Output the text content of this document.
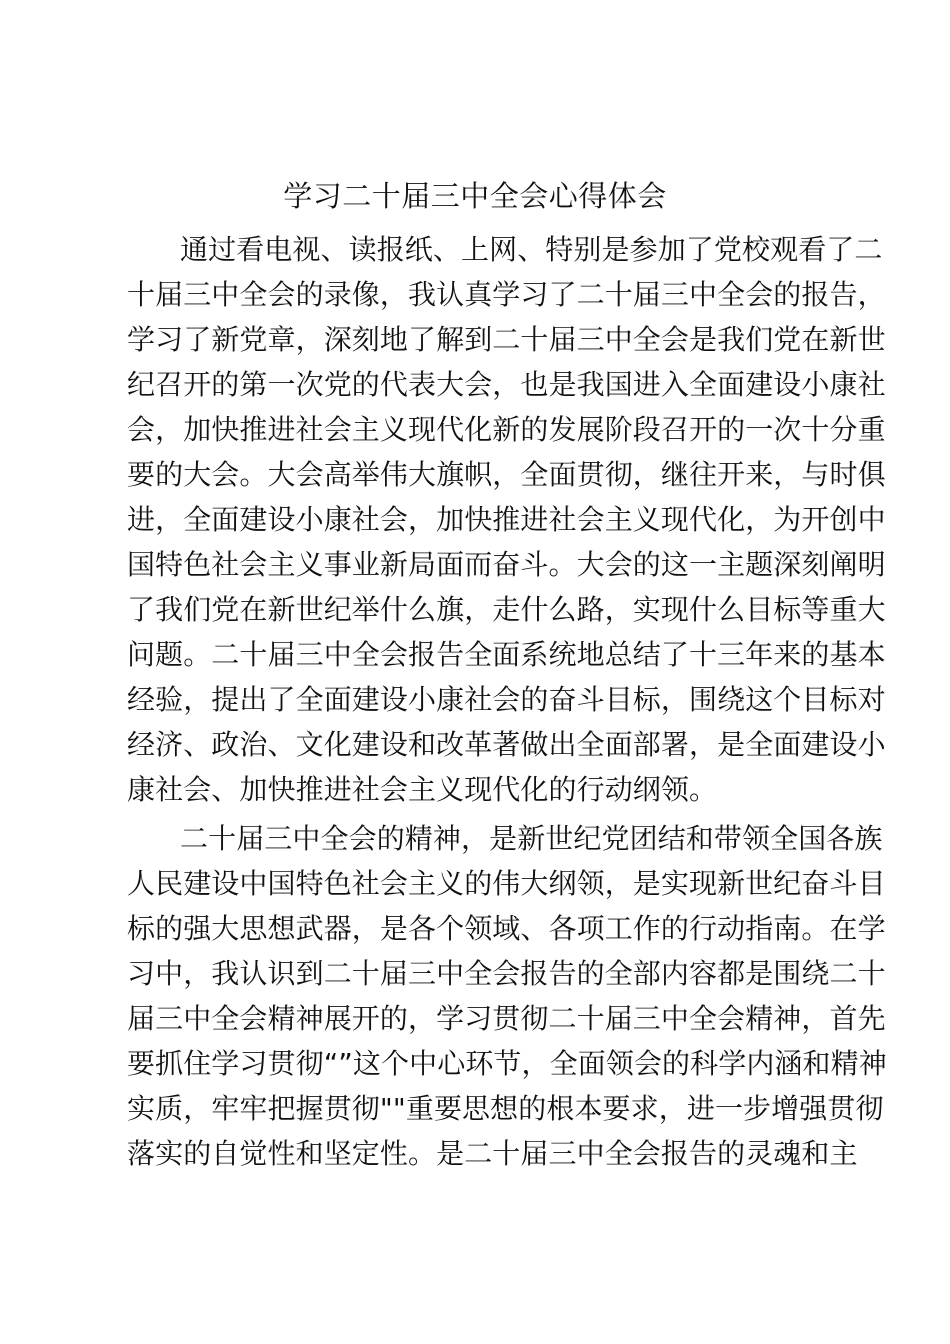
学习二十届三中全会心得体会
通过看电视、读报纸、上网、特别是参加了党校观看了二
十届三中全会的录像，我认真学习了二十届三中全会的报告，
学习了新党章，深刻地了解到二十届三中全会是我们党在新世
纪召开的第一次党的代表大会，也是我国进入全面建设小康社
会，加快推进社会主义现代化新的发展阶段召开的一次十分重
要的大会。大会高举伟大旗帜，全面贯彻，继往开来，与时俱
进，全面建设小康社会，加快推进社会主义现代化，为开创中
国特色社会主义事业新局面而奋斗。大会的这一主题深刻阐明
了我们党在新世纪举什么旗，走什么路，实现什么目标等重大
问题。二十届三中全会报告全面系统地总结了十三年来的基本
经验，提出了全面建设小康社会的奋斗目标，围绕这个目标对
经济、政治、文化建设和改革著做出全面部署，是全面建设小
康社会、加快推进社会主义现代化的行动纲领。
二十届三中全会的精神，是新世纪党团结和带领全国各族
人民建设中国特色社会主义的伟大纲领，是实现新世纪奋斗目
标的强大思想武器，是各个领域、各项工作的行动指南。在学
习中，我认识到二十届三中全会报告的全部内容都是围绕二十
届三中全会精神展开的，学习贯彻二十届三中全会精神，首先
要抓住学习贯彻“”这个中心环节，全面领会的科学内涵和精神
实质，牢牢把握贯彻""重要思想的根本要求，进一步增强贯彻
落实的自觉性和坚定性。是二十届三中全会报告的灵魂和主
